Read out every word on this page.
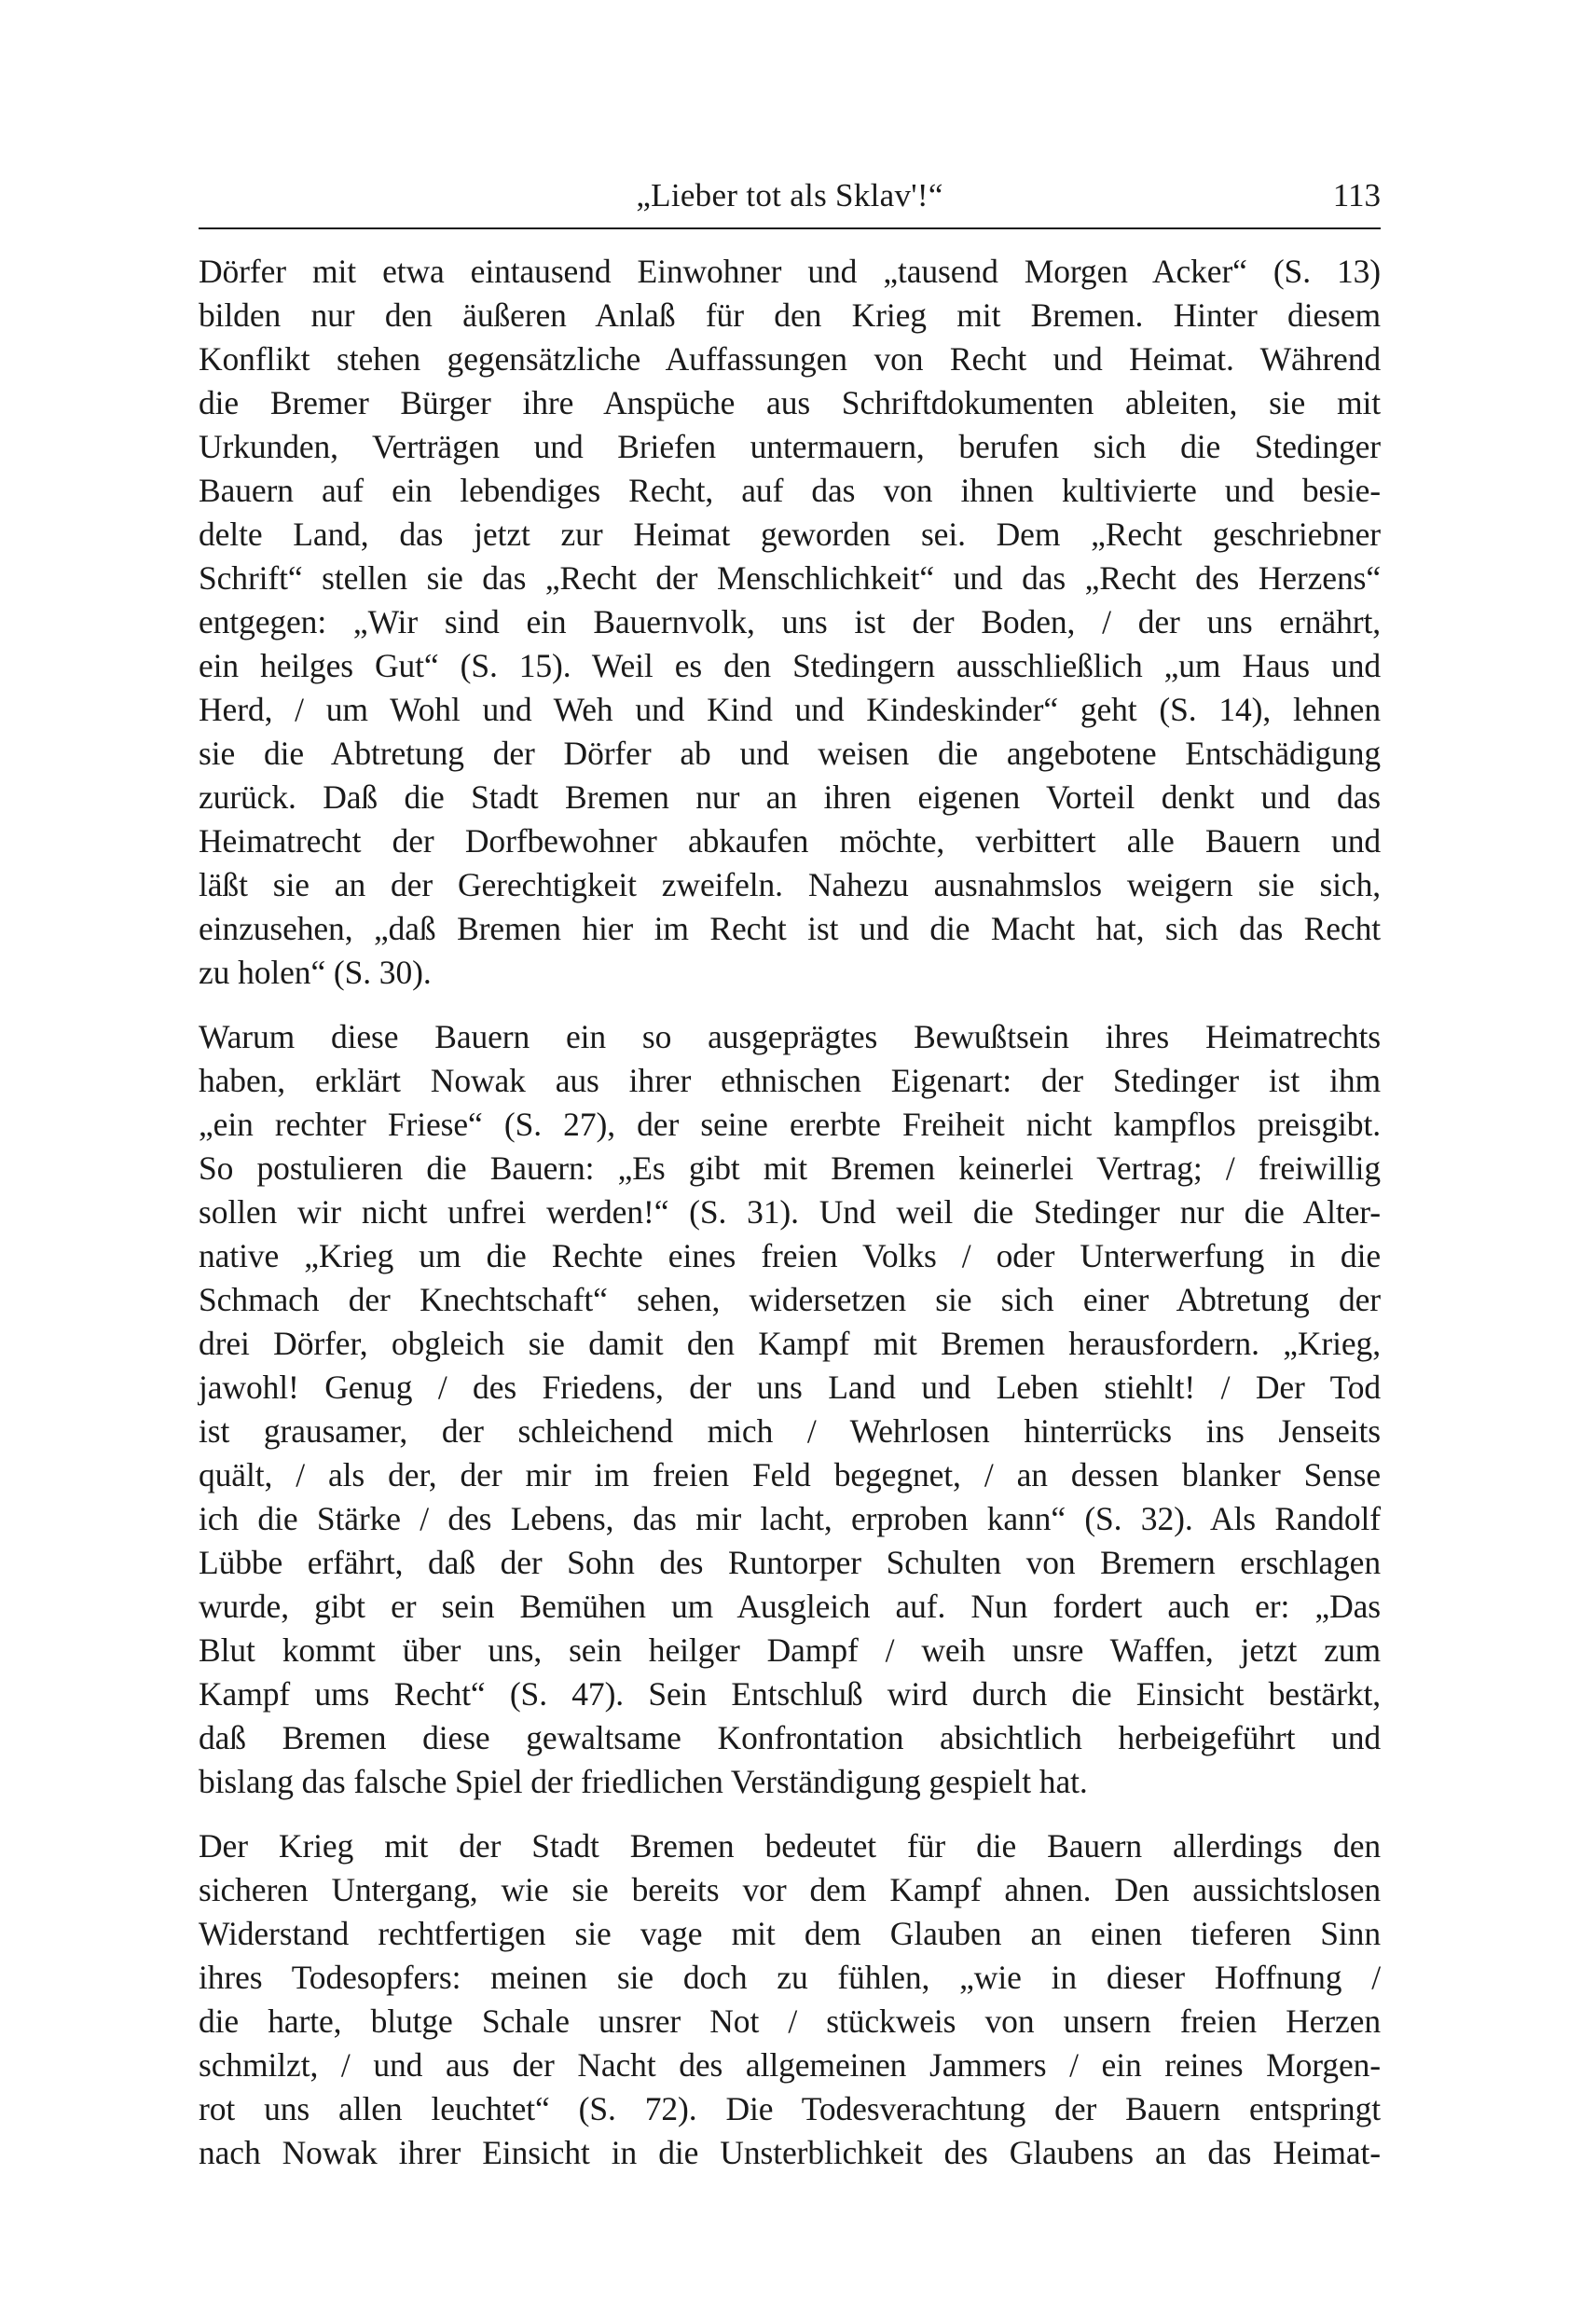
„Lieber tot als Sklav'!“	113

Dörfer mit etwa eintausend Einwohner und „tausend Morgen Acker“ (S. 13)
bilden nur den äußeren Anlaß für den Krieg mit Bremen. Hinter diesem
Konflikt stehen gegensätzliche Auffassungen von Recht und Heimat. Während
die Bremer Bürger ihre Anspüche aus Schriftdokumenten ableiten, sie mit
Urkunden, Verträgen und Briefen untermauern, berufen sich die Stedinger
Bauern auf ein lebendiges Recht, auf das von ihnen kultivierte und besie-
delte Land, das jetzt zur Heimat geworden sei. Dem „Recht geschriebner
Schrift“ stellen sie das „Recht der Menschlichkeit“ und das „Recht des Herzens“
entgegen: „Wir sind ein Bauernvolk, uns ist der Boden, / der uns ernährt,
ein heilges Gut“ (S. 15). Weil es den Stedingern ausschließlich „um Haus und
Herd, / um Wohl und Weh und Kind und Kindeskinder“ geht (S. 14), lehnen
sie die Abtretung der Dörfer ab und weisen die angebotene Entschädigung
zurück. Daß die Stadt Bremen nur an ihren eigenen Vorteil denkt und das
Heimatrecht der Dorfbewohner abkaufen möchte, verbittert alle Bauern und
läßt sie an der Gerechtigkeit zweifeln. Nahezu ausnahmslos weigern sie sich,
einzusehen, „daß Bremen hier im Recht ist und die Macht hat, sich das Recht
zu holen“ (S. 30).

Warum diese Bauern ein so ausgeprägtes Bewußtsein ihres Heimatrechts
haben, erklärt Nowak aus ihrer ethnischen Eigenart: der Stedinger ist ihm
„ein rechter Friese“ (S. 27), der seine ererbte Freiheit nicht kampflos preisgibt.
So postulieren die Bauern: „Es gibt mit Bremen keinerlei Vertrag; / freiwillig
sollen wir nicht unfrei werden!“ (S. 31). Und weil die Stedinger nur die Alter-
native „Krieg um die Rechte eines freien Volks / oder Unterwerfung in die
Schmach der Knechtschaft“ sehen, widersetzen sie sich einer Abtretung der
drei Dörfer, obgleich sie damit den Kampf mit Bremen herausfordern. „Krieg,
jawohl! Genug / des Friedens, der uns Land und Leben stiehlt! / Der Tod
ist grausamer, der schleichend mich / Wehrlosen hinterrücks ins Jenseits
quält, / als der, der mir im freien Feld begegnet, / an dessen blanker Sense
ich die Stärke / des Lebens, das mir lacht, erproben kann“ (S. 32). Als Randolf
Lübbe erfährt, daß der Sohn des Runtorper Schulten von Bremern erschlagen
wurde, gibt er sein Bemühen um Ausgleich auf. Nun fordert auch er: „Das
Blut kommt über uns, sein heilger Dampf / weih unsre Waffen, jetzt zum
Kampf ums Recht“ (S. 47). Sein Entschluß wird durch die Einsicht bestärkt,
daß Bremen diese gewaltsame Konfrontation absichtlich herbeigeführt und
bislang das falsche Spiel der friedlichen Verständigung gespielt hat.

Der Krieg mit der Stadt Bremen bedeutet für die Bauern allerdings den
sicheren Untergang, wie sie bereits vor dem Kampf ahnen. Den aussichtslosen
Widerstand rechtfertigen sie vage mit dem Glauben an einen tieferen Sinn
ihres Todesopfers: meinen sie doch zu fühlen, „wie in dieser Hoffnung /
die harte, blutge Schale unsrer Not / stückweis von unsern freien Herzen
schmilzt, / und aus der Nacht des allgemeinen Jammers / ein reines Morgen-
rot uns allen leuchtet“ (S. 72). Die Todesverachtung der Bauern entspringt
nach Nowak ihrer Einsicht in die Unsterblichkeit des Glaubens an das Heimat-
